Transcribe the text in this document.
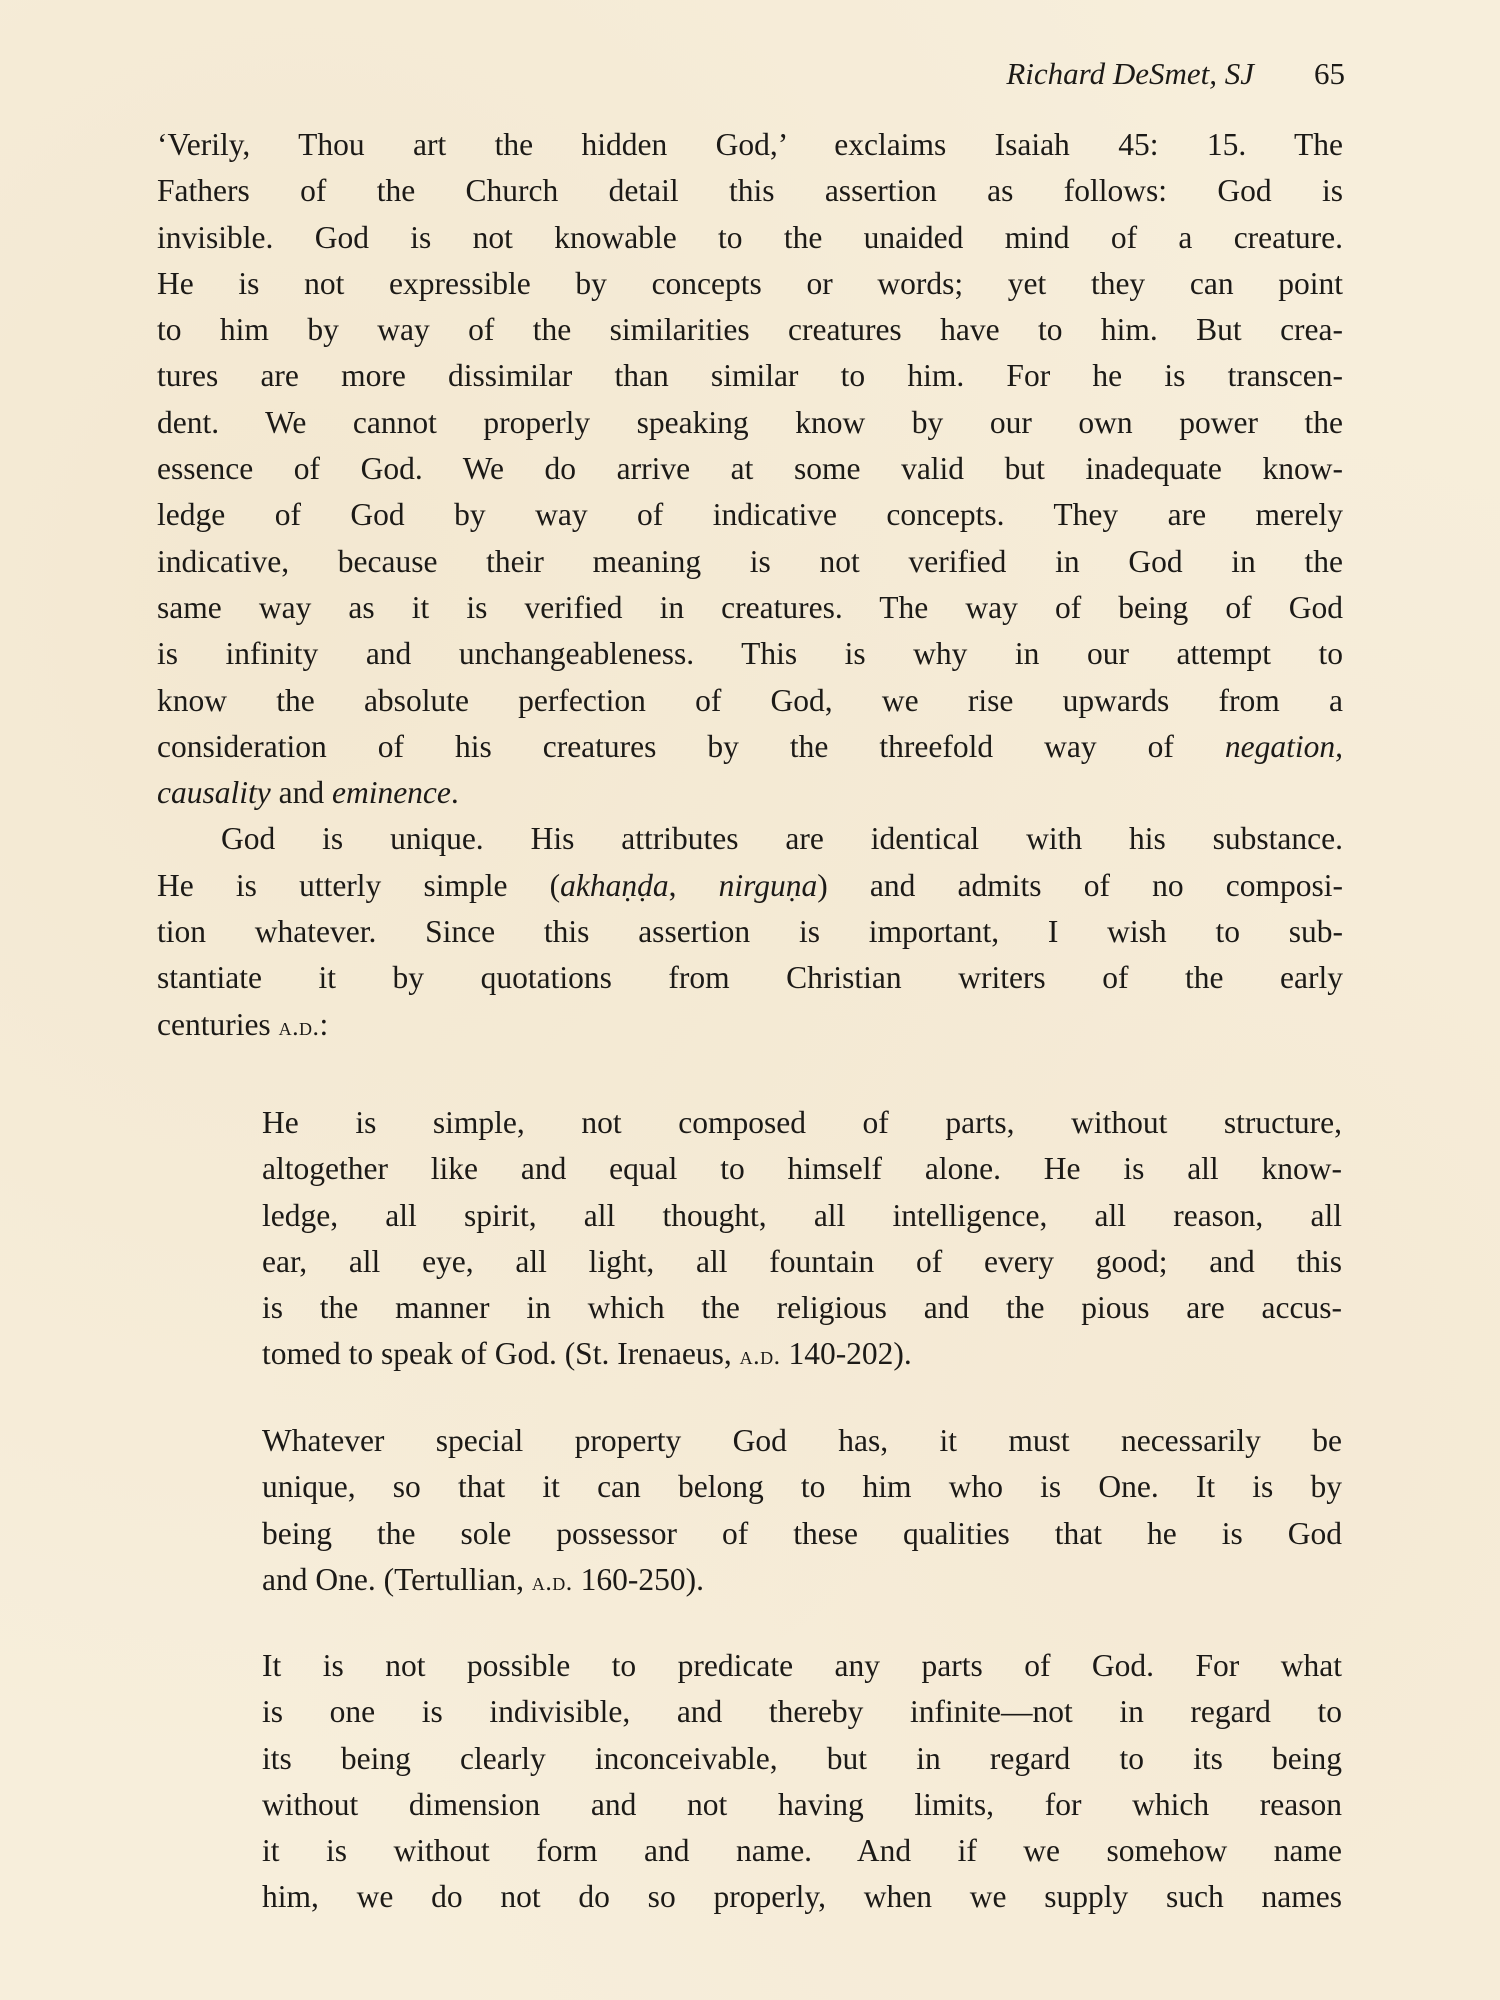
Richard DeSmet, SJ 65

‘Verily, Thou art the hidden God,’ exclaims Isaiah 45: 15. The
Fathers of the Church detail this assertion as follows: God is
invisible. God is not knowable to the unaided mind of a creature.
He is not expressible by concepts or words; yet they can point
to him by way of the similarities creatures have to him. But crea-
tures are more dissimilar than similar to him. For he is transcen-
dent. We cannot properly speaking know by our own power the
essence of God. We do arrive at some valid but inadequate know-
ledge of God by way of indicative concepts. They are merely
indicative, because their meaning is not verified in God in the
same way as it is verified in creatures. The way of being of God
is infinity and unchangeableness. This is why in our attempt to
know the absolute perfection of God, we rise upwards from a
consideration of his creatures by the threefold way of negation,
causality and eminence.

God is unique. His attributes are identical with his substance.
He is utterly simple (akhaṇḍa, nirguṇa) and admits of no composi-
tion whatever. Since this assertion is important, I wish to sub-
stantiate it by quotations from Christian writers of the early
centuries a.d.:

He is simple, not composed of parts, without structure,
altogether like and equal to himself alone. He is all know-
ledge, all spirit, all thought, all intelligence, all reason, all
ear, all eye, all light, all fountain of every good; and this
is the manner in which the religious and the pious are accus-
tomed to speak of God. (St. Irenaeus, a.d. 140-202).

Whatever special property God has, it must necessarily be
unique, so that it can belong to him who is One. It is by
being the sole possessor of these qualities that he is God
and One. (Tertullian, a.d. 160-250).

It is not possible to predicate any parts of God. For what
is one is indivisible, and thereby infinite—not in regard to
its being clearly inconceivable, but in regard to its being
without dimension and not having limits, for which reason
it is without form and name. And if we somehow name
him, we do not do so properly, when we supply such names
